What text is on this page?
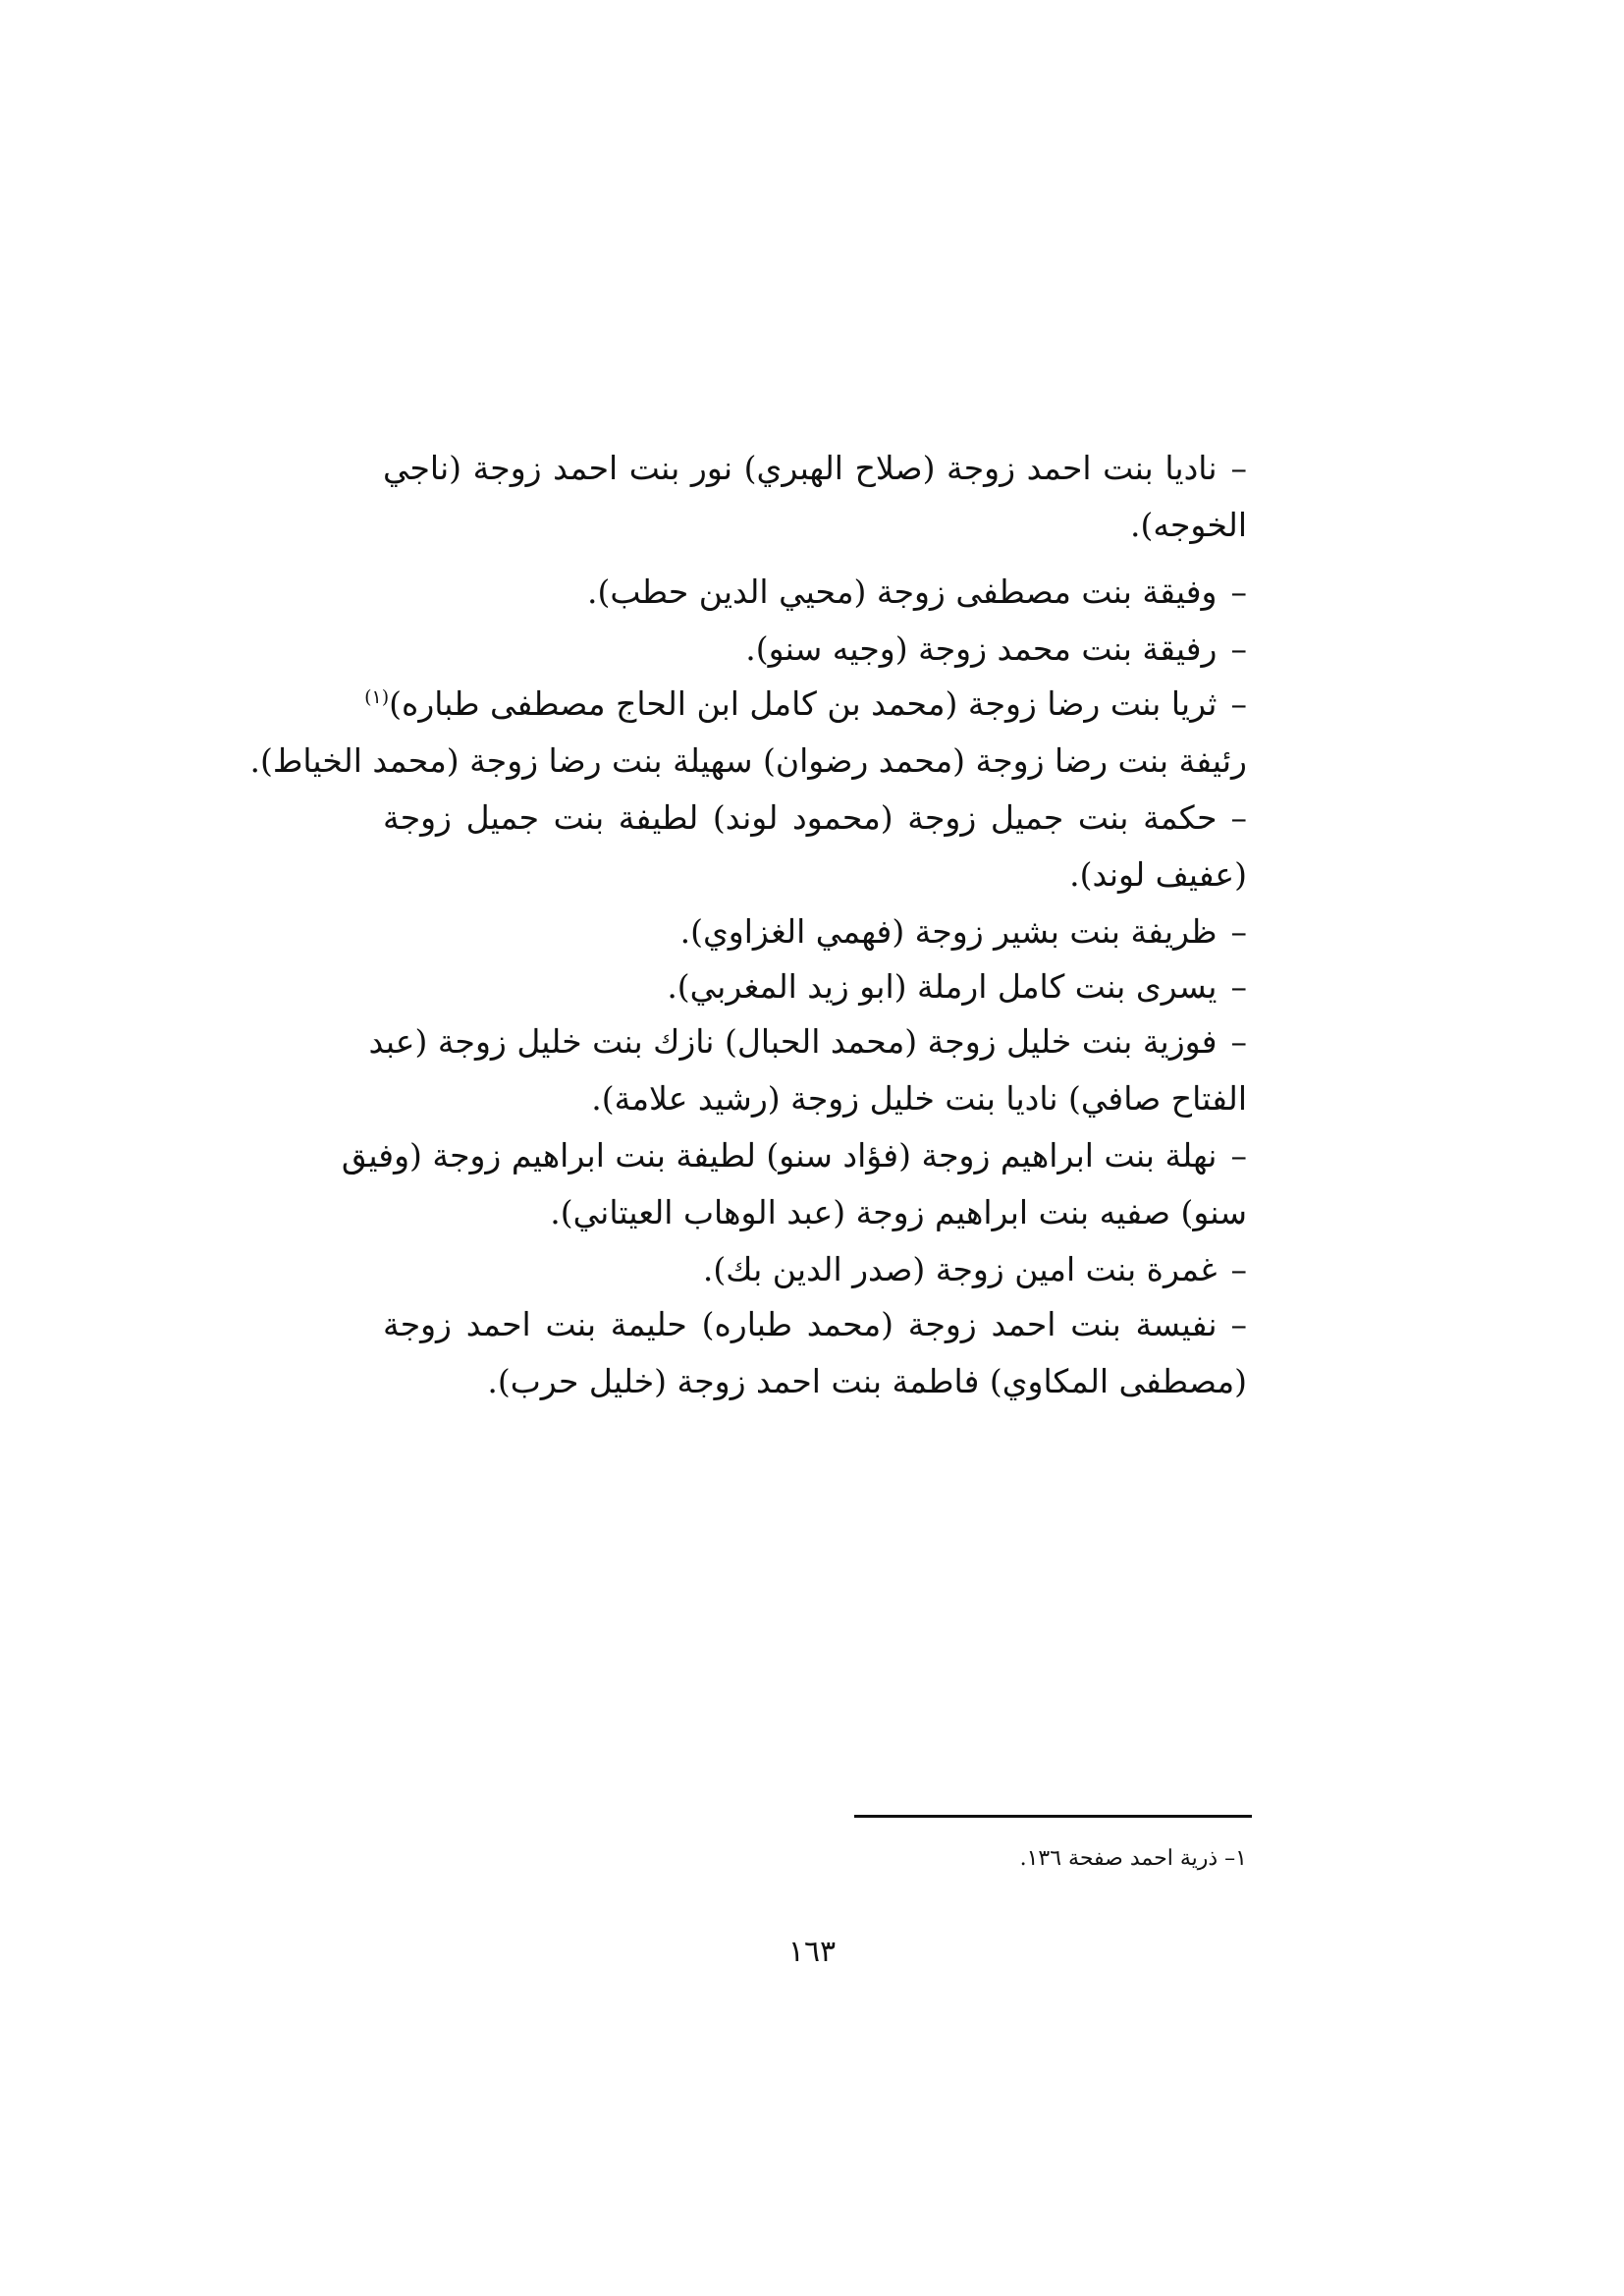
–ناديا بنت احمد زوجة (صلاح الهبري) نور بنت احمد زوجة (ناجي
الخوجه).
–وفيقة بنت مصطفى زوجة (محيي الدين حطب).
–رفيقة بنت محمد زوجة (وجيه سنو).
–ثريا بنت رضا زوجة (محمد بن كامل ابن الحاج مصطفى طباره)$^{(١)}$
رئيفة بنت رضا زوجة (محمد رضوان) سهيلة بنت رضا زوجة (محمد الخياط).
–حكمة بنت جميل زوجة (محمود لوند) لطيفة بنت جميل زوجة
(عفيف لوند).
–ظريفة بنت بشير زوجة (فهمي الغزاوي).
–يسرى بنت كامل ارملة (ابو زيد المغربي).
–فوزية بنت خليل زوجة (محمد الحبال) نازك بنت خليل زوجة (عبد
الفتاح صافي) ناديا بنت خليل زوجة (رشيد علامة).
–نهلة بنت ابراهيم زوجة (فؤاد سنو) لطيفة بنت ابراهيم زوجة (وفيق
سنو) صفيه بنت ابراهيم زوجة (عبد الوهاب العيتاني).
–غمرة بنت امين زوجة (صدر الدين بك).
–نفيسة بنت احمد زوجة (محمد طباره) حليمة بنت احمد زوجة
(مصطفى المكاوي) فاطمة بنت احمد زوجة (خليل حرب).
١– ذرية احمد صفحة ١٣٦.
١٦٣
